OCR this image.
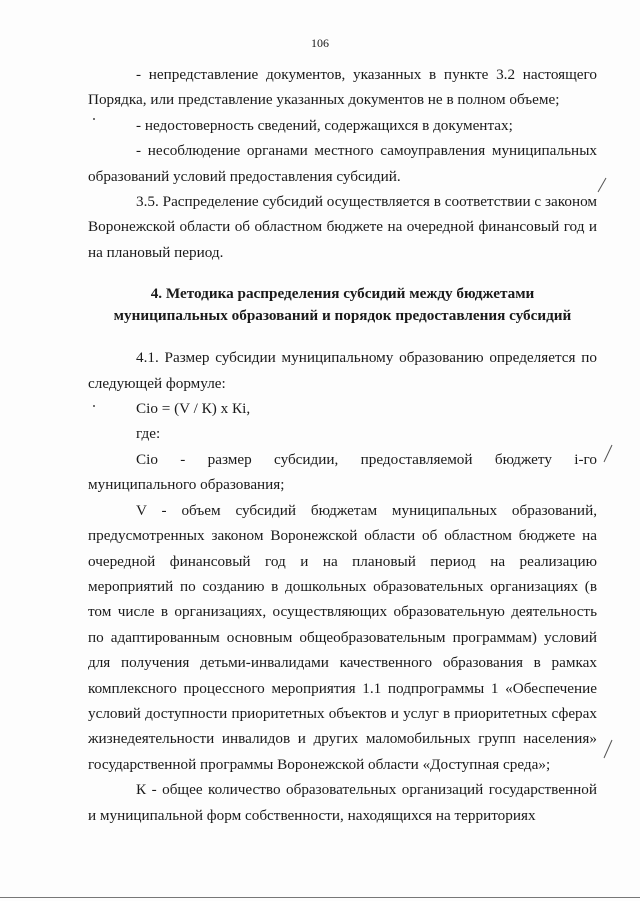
106

- непредставление документов, указанных в пункте 3.2 настоящего Порядка, или представление указанных документов не в полном объеме;

- недостоверность сведений, содержащихся в документах;

- несоблюдение органами местного самоуправления муниципальных образований условий предоставления субсидий.

3.5. Распределение субсидий осуществляется в соответствии с законом Воронежской области об областном бюджете на очередной финансовый год и на плановый период.

4. Методика распределения субсидий между бюджетами

муниципальных образований и порядок предоставления субсидий

4.1. Размер субсидии муниципальному образованию определяется по следующей формуле:

Сiо = (V / К) х Кi,

где:

Сiо - размер субсидии, предоставляемой бюджету i-го муниципального образования;

V - объем субсидий бюджетам муниципальных образований, предусмотренных законом Воронежской области об областном бюджете на очередной финансовый год и на плановый период на реализацию мероприятий по созданию в дошкольных образовательных организациях (в том числе в организациях, осуществляющих образовательную деятельность по адаптированным основным общеобразовательным программам) условий для получения детьми-инвалидами качественного образования в рамках комплексного процессного мероприятия 1.1 подпрограммы 1 «Обеспечение условий доступности приоритетных объектов и услуг в приоритетных сферах жизнедеятельности инвалидов и других маломобильных групп населения» государственной программы Воронежской области «Доступная среда»;

К - общее количество образовательных организаций государственной и муниципальной форм собственности, находящихся на территориях
